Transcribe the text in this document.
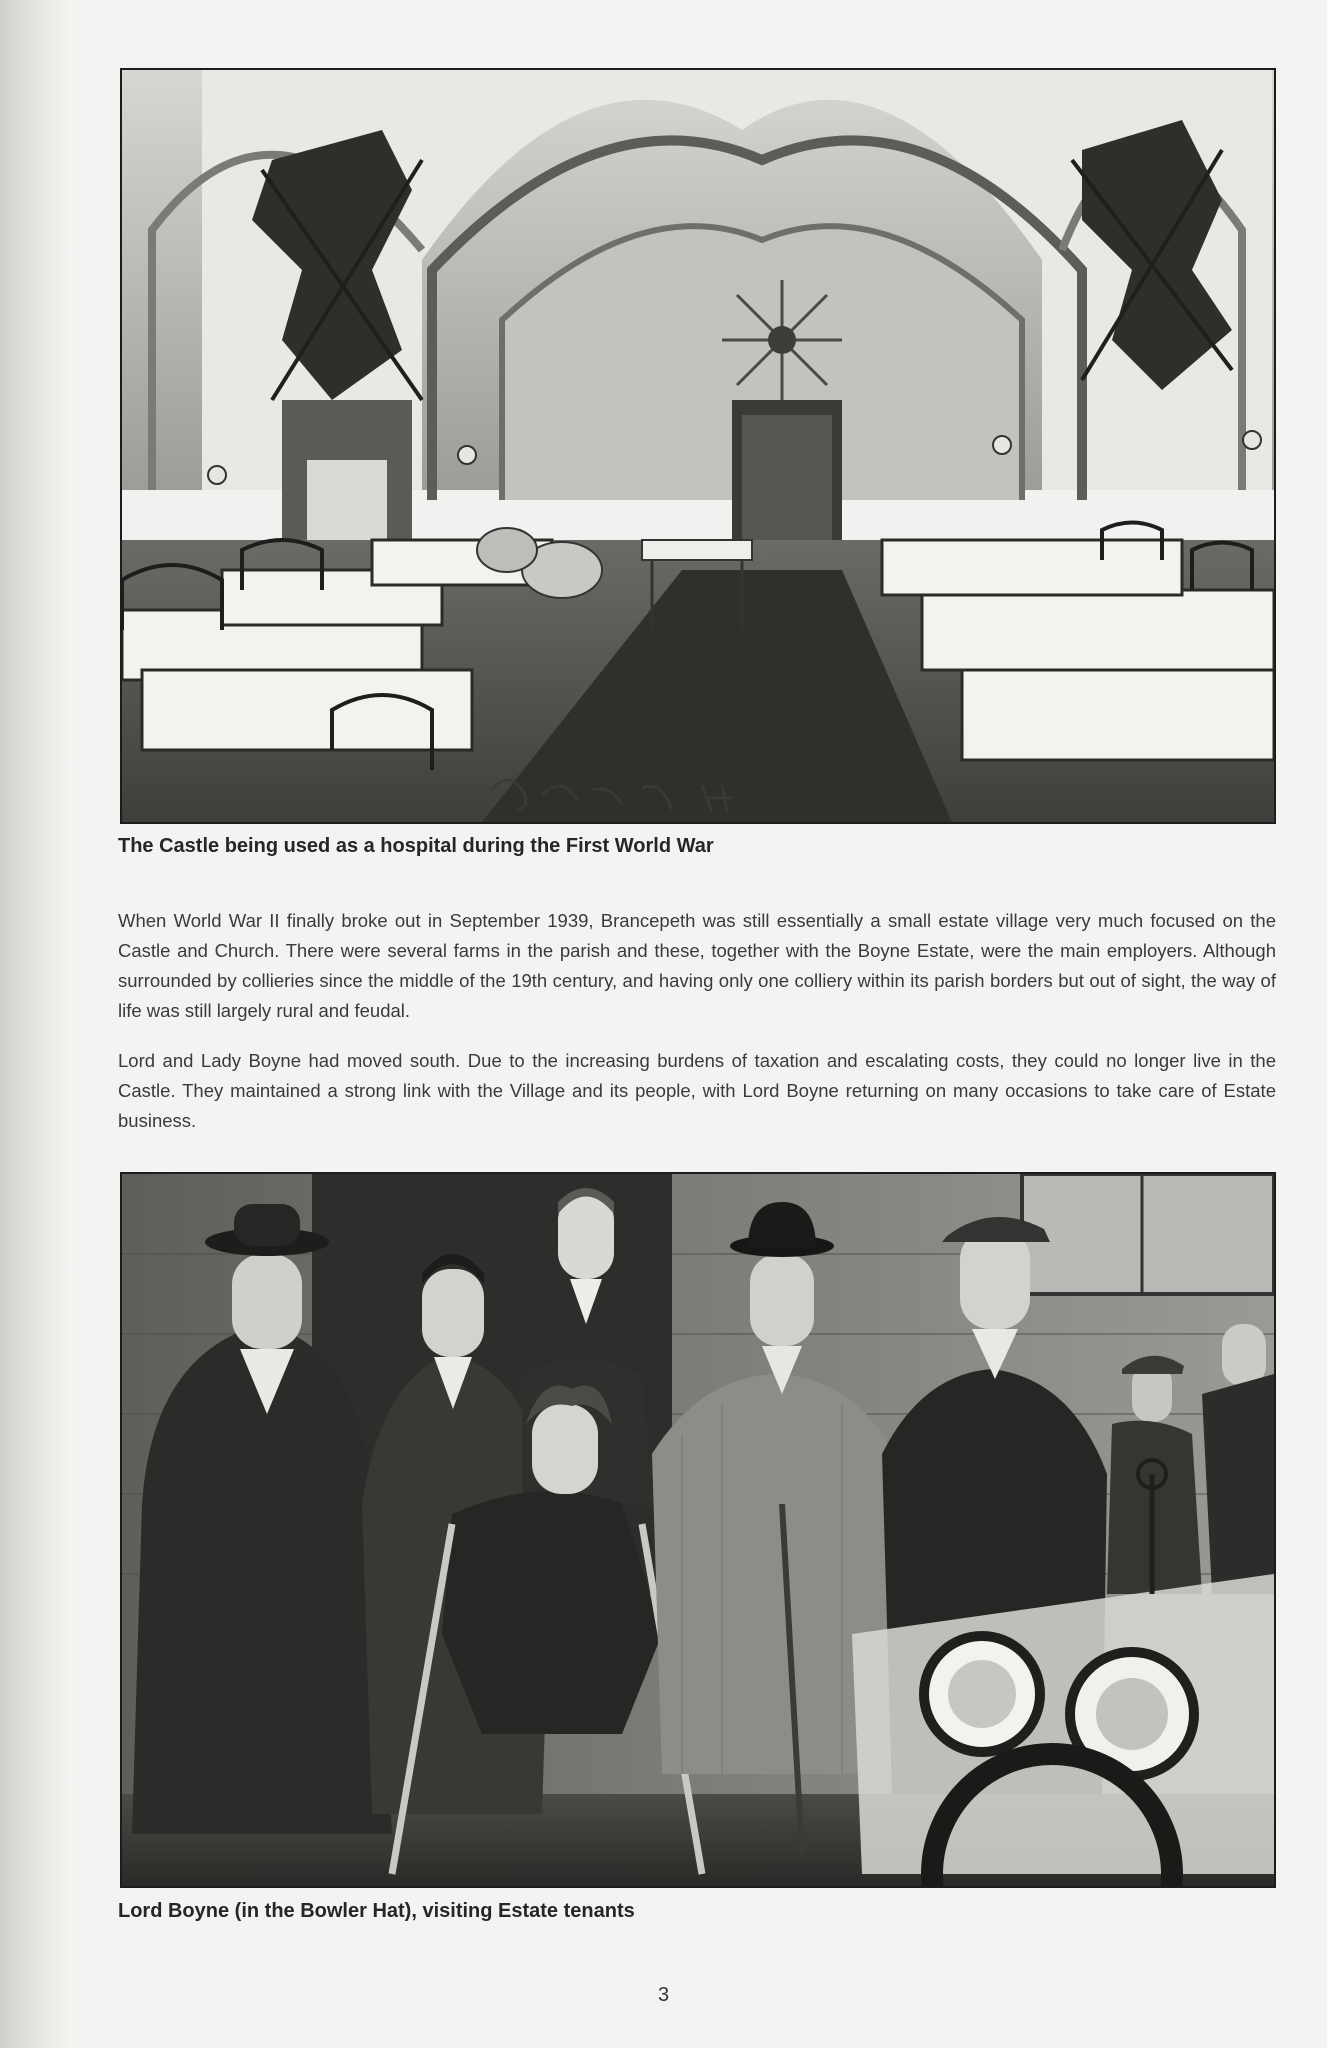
The Castle being used as a hospital during the First World War

When World War II finally broke out in September 1939, Brancepeth was still essentially a small estate village very much focused on the Castle and Church. There were several farms in the parish and these, together with the Boyne Estate, were the main employers. Although surrounded by collieries since the middle of the 19th century, and having only one colliery within its parish borders but out of sight, the way of life was still largely rural and feudal.

Lord and Lady Boyne had moved south. Due to the increasing burdens of taxation and escalating costs, they could no longer live in the Castle. They maintained a strong link with the Village and its people, with Lord Boyne returning on many occasions to take care of Estate business.

Lord Boyne (in the Bowler Hat), visiting Estate tenants
3
